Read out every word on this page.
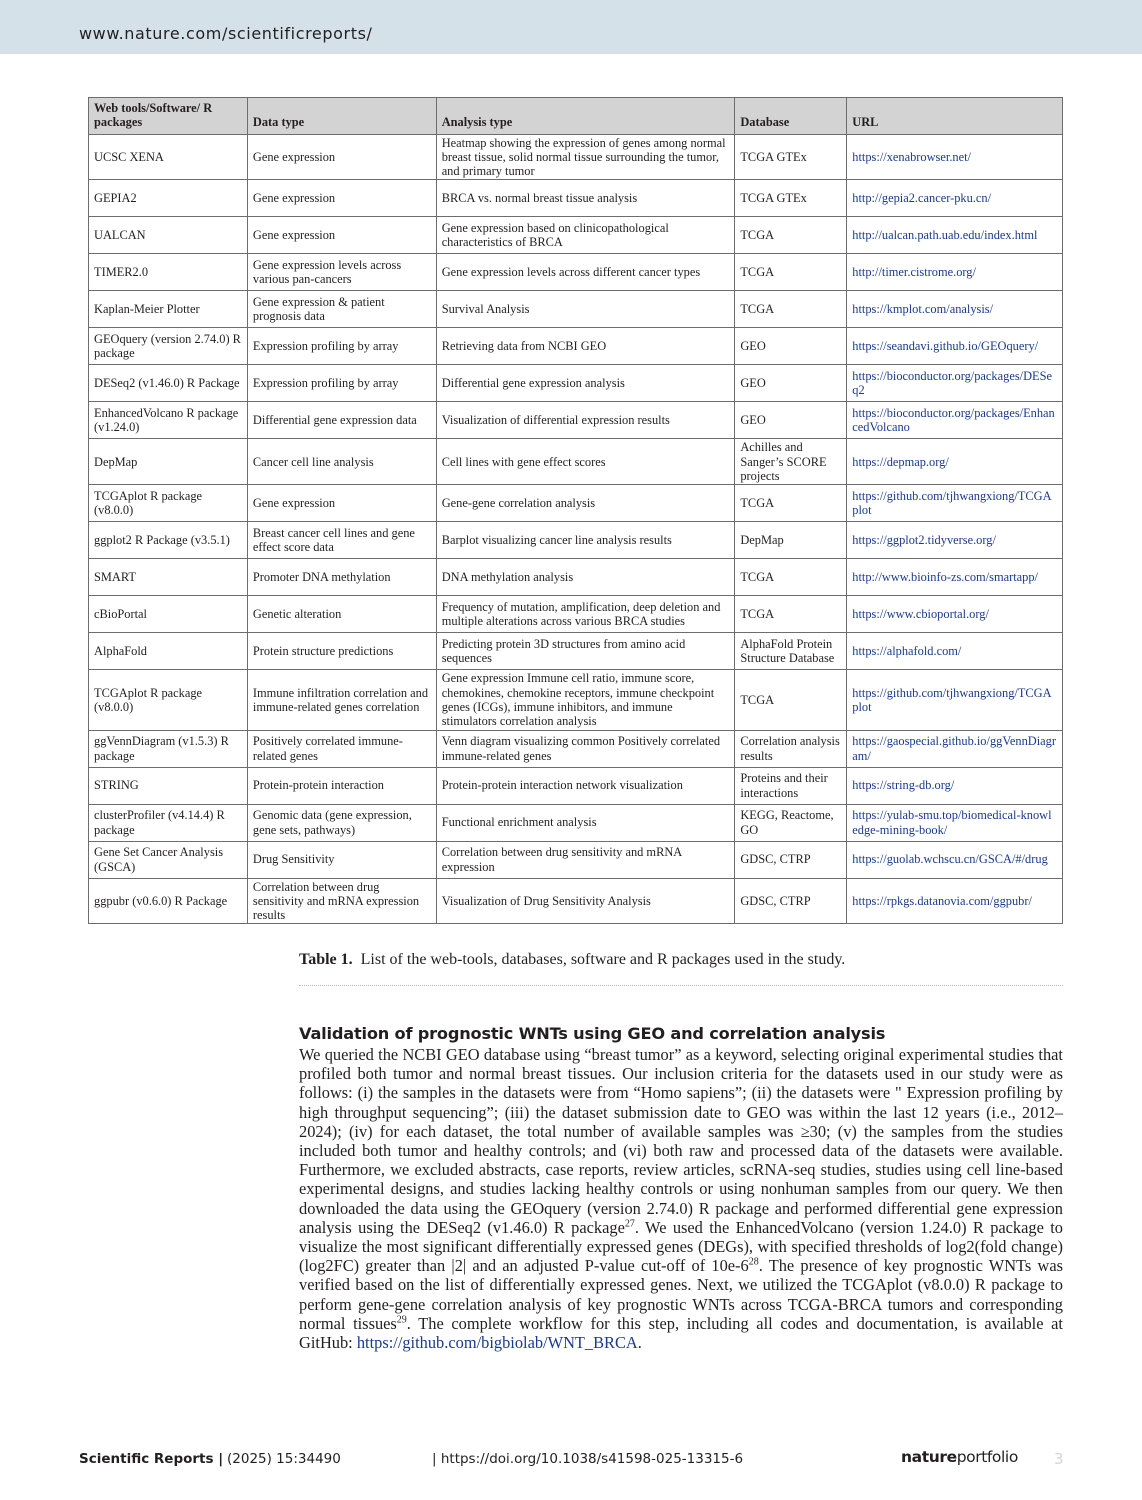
www.nature.com/scientificreports/
Web tools/Software/ R packages	Data type	Analysis type	Database	URL
UCSC XENA	Gene expression	Heatmap showing the expression of genes among normal breast tissue, solid normal tissue surrounding the tumor, and primary tumor	TCGA GTEx	https://xenabrowser.net/
GEPIA2	Gene expression	BRCA vs. normal breast tissue analysis	TCGA GTEx	http://gepia2.cancer-pku.cn/
UALCAN	Gene expression	Gene expression based on clinicopathological characteristics of BRCA	TCGA	http://ualcan.path.uab.edu/index.html
TIMER2.0	Gene expression levels across various pan-cancers	Gene expression levels across different cancer types	TCGA	http://timer.cistrome.org/
Kaplan-Meier Plotter	Gene expression & patient prognosis data	Survival Analysis	TCGA	https://kmplot.com/analysis/
GEOquery (version 2.74.0) R package	Expression profiling by array	Retrieving data from NCBI GEO	GEO	https://seandavi.github.io/GEOquery/
DESeq2 (v1.46.0) R Package	Expression profiling by array	Differential gene expression analysis	GEO	https://bioconductor.org/packages/DESeq2
EnhancedVolcano R package (v1.24.0)	Differential gene expression data	Visualization of differential expression results	GEO	https://bioconductor.org/packages/EnhancedVolcano
DepMap	Cancer cell line analysis	Cell lines with gene effect scores	Achilles and Sanger’s SCORE projects	https://depmap.org/
TCGAplot R package (v8.0.0)	Gene expression	Gene-gene correlation analysis	TCGA	https://github.com/tjhwangxiong/TCGAplot
ggplot2 R Package (v3.5.1)	Breast cancer cell lines and gene effect score data	Barplot visualizing cancer line analysis results	DepMap	https://ggplot2.tidyverse.org/
SMART	Promoter DNA methylation	DNA methylation analysis	TCGA	http://www.bioinfo-zs.com/smartapp/
cBioPortal	Genetic alteration	Frequency of mutation, amplification, deep deletion and multiple alterations across various BRCA studies	TCGA	https://www.cbioportal.org/
AlphaFold	Protein structure predictions	Predicting protein 3D structures from amino acid sequences	AlphaFold Protein Structure Database	https://alphafold.com/
TCGAplot R package (v8.0.0)	Immune infiltration correlation and immune-related genes correlation	Gene expression Immune cell ratio, immune score, chemokines, chemokine receptors, immune checkpoint genes (ICGs), immune inhibitors, and immune stimulators correlation analysis	TCGA	https://github.com/tjhwangxiong/TCGAplot
ggVennDiagram (v1.5.3) R package	Positively correlated immune-related genes	Venn diagram visualizing common Positively correlated immune-related genes	Correlation analysis results	https://gaospecial.github.io/ggVennDiagram/
STRING	Protein-protein interaction	Protein-protein interaction network visualization	Proteins and their interactions	https://string-db.org/
clusterProfiler (v4.14.4) R package	Genomic data (gene expression, gene sets, pathways)	Functional enrichment analysis	KEGG, Reactome, GO	https://yulab-smu.top/biomedical-knowledge-mining-book/
Gene Set Cancer Analysis (GSCA)	Drug Sensitivity	Correlation between drug sensitivity and mRNA expression	GDSC, CTRP	https://guolab.wchscu.cn/GSCA/#/drug
ggpubr (v0.6.0) R Package	Correlation between drug sensitivity and mRNA expression results	Visualization of Drug Sensitivity Analysis	GDSC, CTRP	https://rpkgs.datanovia.com/ggpubr/
Table 1. List of the web-tools, databases, software and R packages used in the study.
Validation of prognostic WNTs using GEO and correlation analysis
We queried the NCBI GEO database using “breast tumor” as a keyword, selecting original experimental studies that profiled both tumor and normal breast tissues. Our inclusion criteria for the datasets used in our study were as follows: (i) the samples in the datasets were from “Homo sapiens”; (ii) the datasets were " Expression profiling by high throughput sequencing”; (iii) the dataset submission date to GEO was within the last 12 years (i.e., 2012–2024); (iv) for each dataset, the total number of available samples was ≥30; (v) the samples from the studies included both tumor and healthy controls; and (vi) both raw and processed data of the datasets were available. Furthermore, we excluded abstracts, case reports, review articles, scRNA-seq studies, studies using cell line-based experimental designs, and studies lacking healthy controls or using nonhuman samples from our query. We then downloaded the data using the GEOquery (version 2.74.0) R package and performed differential gene expression analysis using the DESeq2 (v1.46.0) R package$^{27}$. We used the EnhancedVolcano (version 1.24.0) R package to visualize the most significant differentially expressed genes (DEGs), with specified thresholds of log2(fold change) (log2FC) greater than |2| and an adjusted P-value cut-off of $10e-6^{28}$. The presence of key prognostic WNTs was verified based on the list of differentially expressed genes. Next, we utilized the TCGAplot (v8.0.0) R package to perform gene-gene correlation analysis of key prognostic WNTs across TCGA-BRCA tumors and corresponding normal tissues$^{29}$. The complete workflow for this step, including all codes and documentation, is available at GitHub: https://github.com/bigbiolab/WNT_BRCA.
Scientific Reports | (2025) 15:34490	| https://doi.org/10.1038/s41598-025-13315-6	natureportfolio 3
